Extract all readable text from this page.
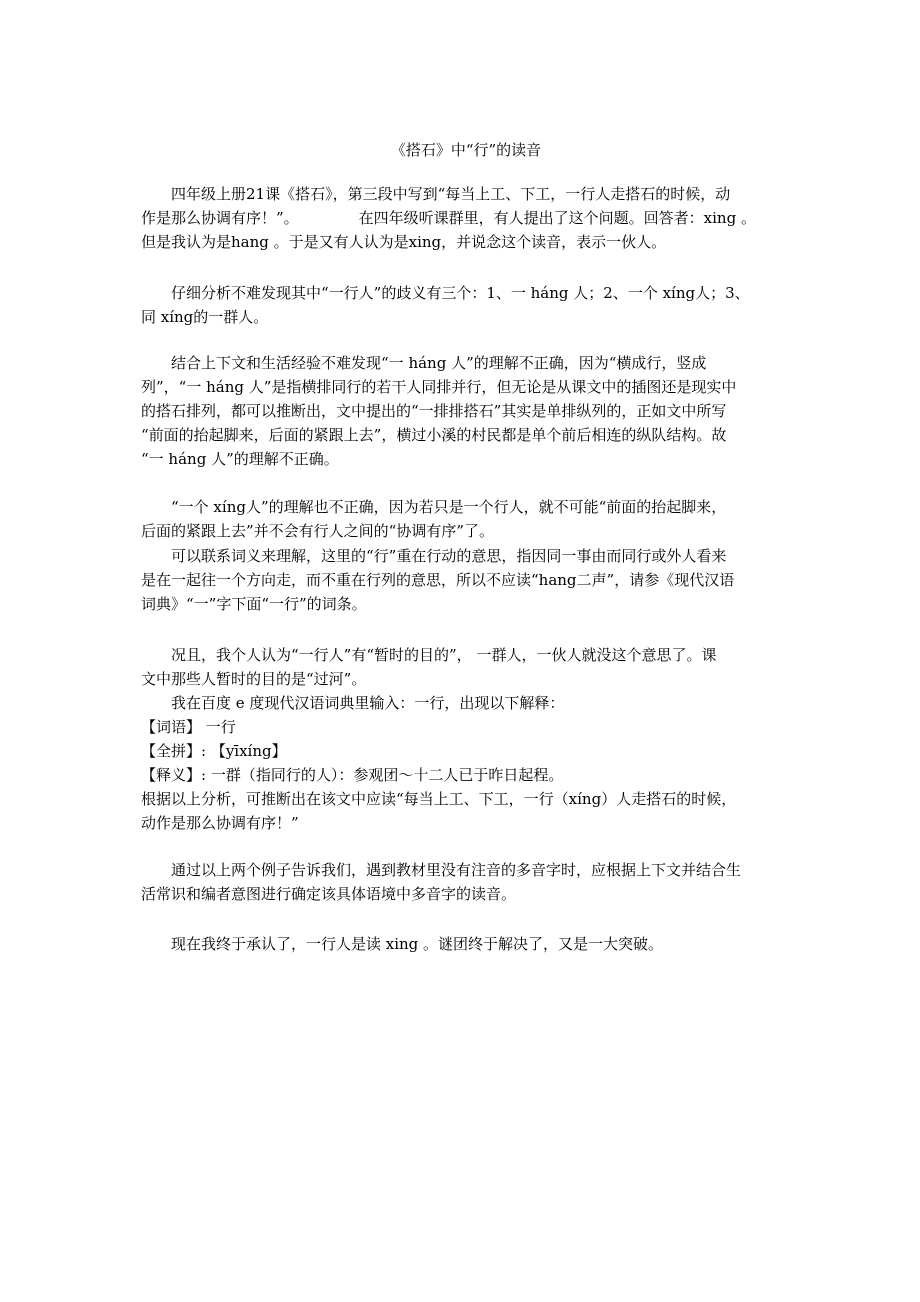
《搭石》中“行”的读音
四年级上册21课《搭石》，第三段中写到“每当上工、下工，一行人走搭石的时候，动
作是那么协调有序！”。	在四年级听课群里，有人提出了这个问题。回答者：xing 。
但是我认为是hang 。于是又有人认为是xing，并说念这个读音，表示一伙人。
仔细分析不难发现其中“一行人”的歧义有三个：1、一 háng 人；2、一个 xíng人；3、
同 xíng的一群人。
结合上下文和生活经验不难发现“一 háng 人”的理解不正确，因为“横成行，竖成
列”，“一 háng 人”是指横排同行的若干人同排并行，但无论是从课文中的插图还是现实中
的搭石排列，都可以推断出，文中提出的“一排排搭石”其实是单排纵列的，正如文中所写
“前面的抬起脚来，后面的紧跟上去”，横过小溪的村民都是单个前后相连的纵队结构。故
“一 háng 人”的理解不正确。
“一个 xíng人”的理解也不正确，因为若只是一个行人，就不可能“前面的抬起脚来，
后面的紧跟上去”并不会有行人之间的“协调有序”了。
可以联系词义来理解，这里的“行”重在行动的意思，指因同一事由而同行或外人看来
是在一起往一个方向走，而不重在行列的意思，所以不应读“hang二声”，请参《现代汉语
词典》“一”字下面“一行”的词条。
况且，我个人认为“一行人”有“暂时的目的”， 一群人，一伙人就没这个意思了。课
文中那些人暂时的目的是“过河”。
我在百度 e 度现代汉语词典里输入：一行，出现以下解释：
【词语】 一行
【全拼】: 【yīxíng】
【释义】: 一群（指同行的人）：参观团～十二人已于昨日起程。
根据以上分析，可推断出在该文中应读“每当上工、下工，一行（xíng）人走搭石的时候，
动作是那么协调有序！”
通过以上两个例子告诉我们，遇到教材里没有注音的多音字时，应根据上下文并结合生
活常识和编者意图进行确定该具体语境中多音字的读音。
现在我终于承认了，一行人是读 xing 。谜团终于解决了，又是一大突破。
